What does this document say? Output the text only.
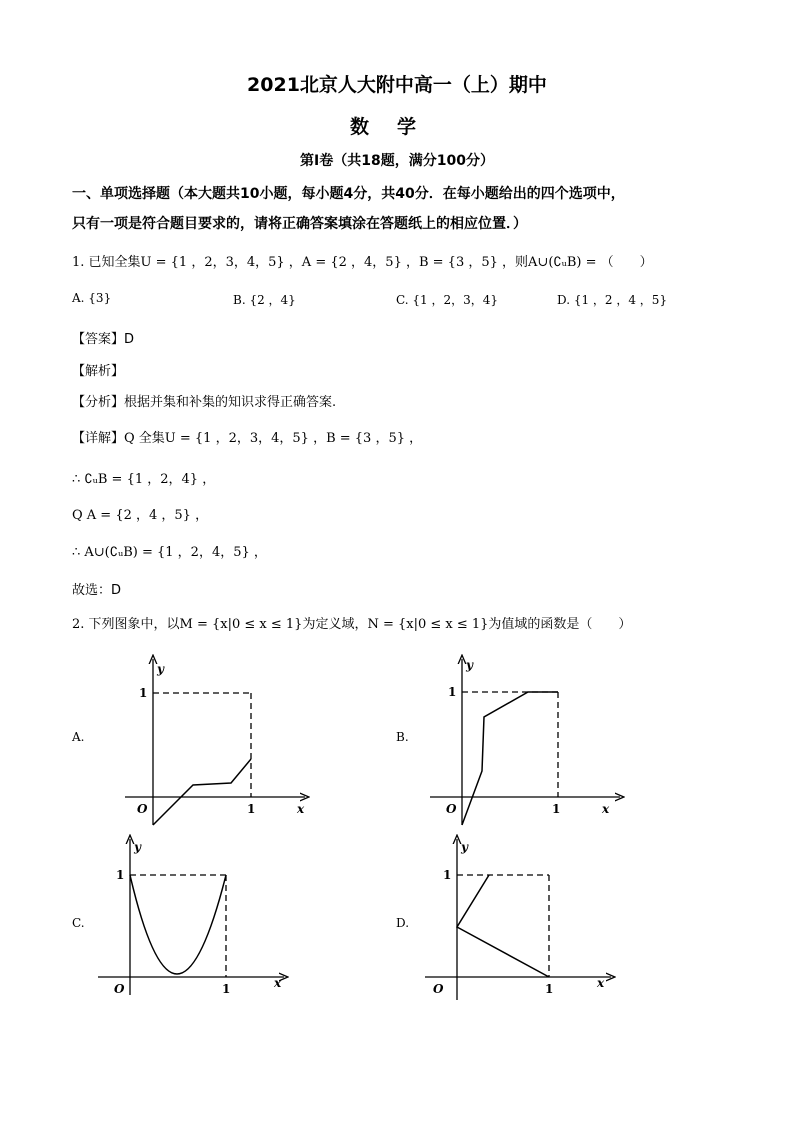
2021北京人大附中高一（上）期中
数学
第Ⅰ卷（共18题，满分100分）
一、单项选择题（本大题共10小题，每小题4分，共40分．在每小题给出的四个选项中，
只有一项是符合题目要求的，请将正确答案填涂在答题纸上的相应位置．）
1. 已知全集U = {1 ，2，3，4，5} ，A = {2 ，4，5} ，B = {3 ，5} ，则A∪(∁ᵤB) = （　　）
A. {3}	B. {2 ，4}	C. {1 ，2，3，4}	D. {1 ，2 ，4 ，5}
【答案】D
【解析】
【分析】根据并集和补集的知识求得正确答案.
【详解】Q 全集U = {1 ，2，3，4，5} ，B = {3 ，5} ，
∴ ∁ᵤB = {1 ，2，4} ，
Q A = {2 ，4 ，5} ，
∴ A∪(∁ᵤB) = {1 ，2，4，5} ，
故选：D
2. 下列图象中，以M = {x|0 ≤ x ≤ 1}为定义域，N = {x|0 ≤ x ≤ 1}为值域的函数是（　　）
A.	B.
C.	D.
y
1
O	1	x
y
1
O	1	x
y
1
O	1	x
y
1
O	1	x
